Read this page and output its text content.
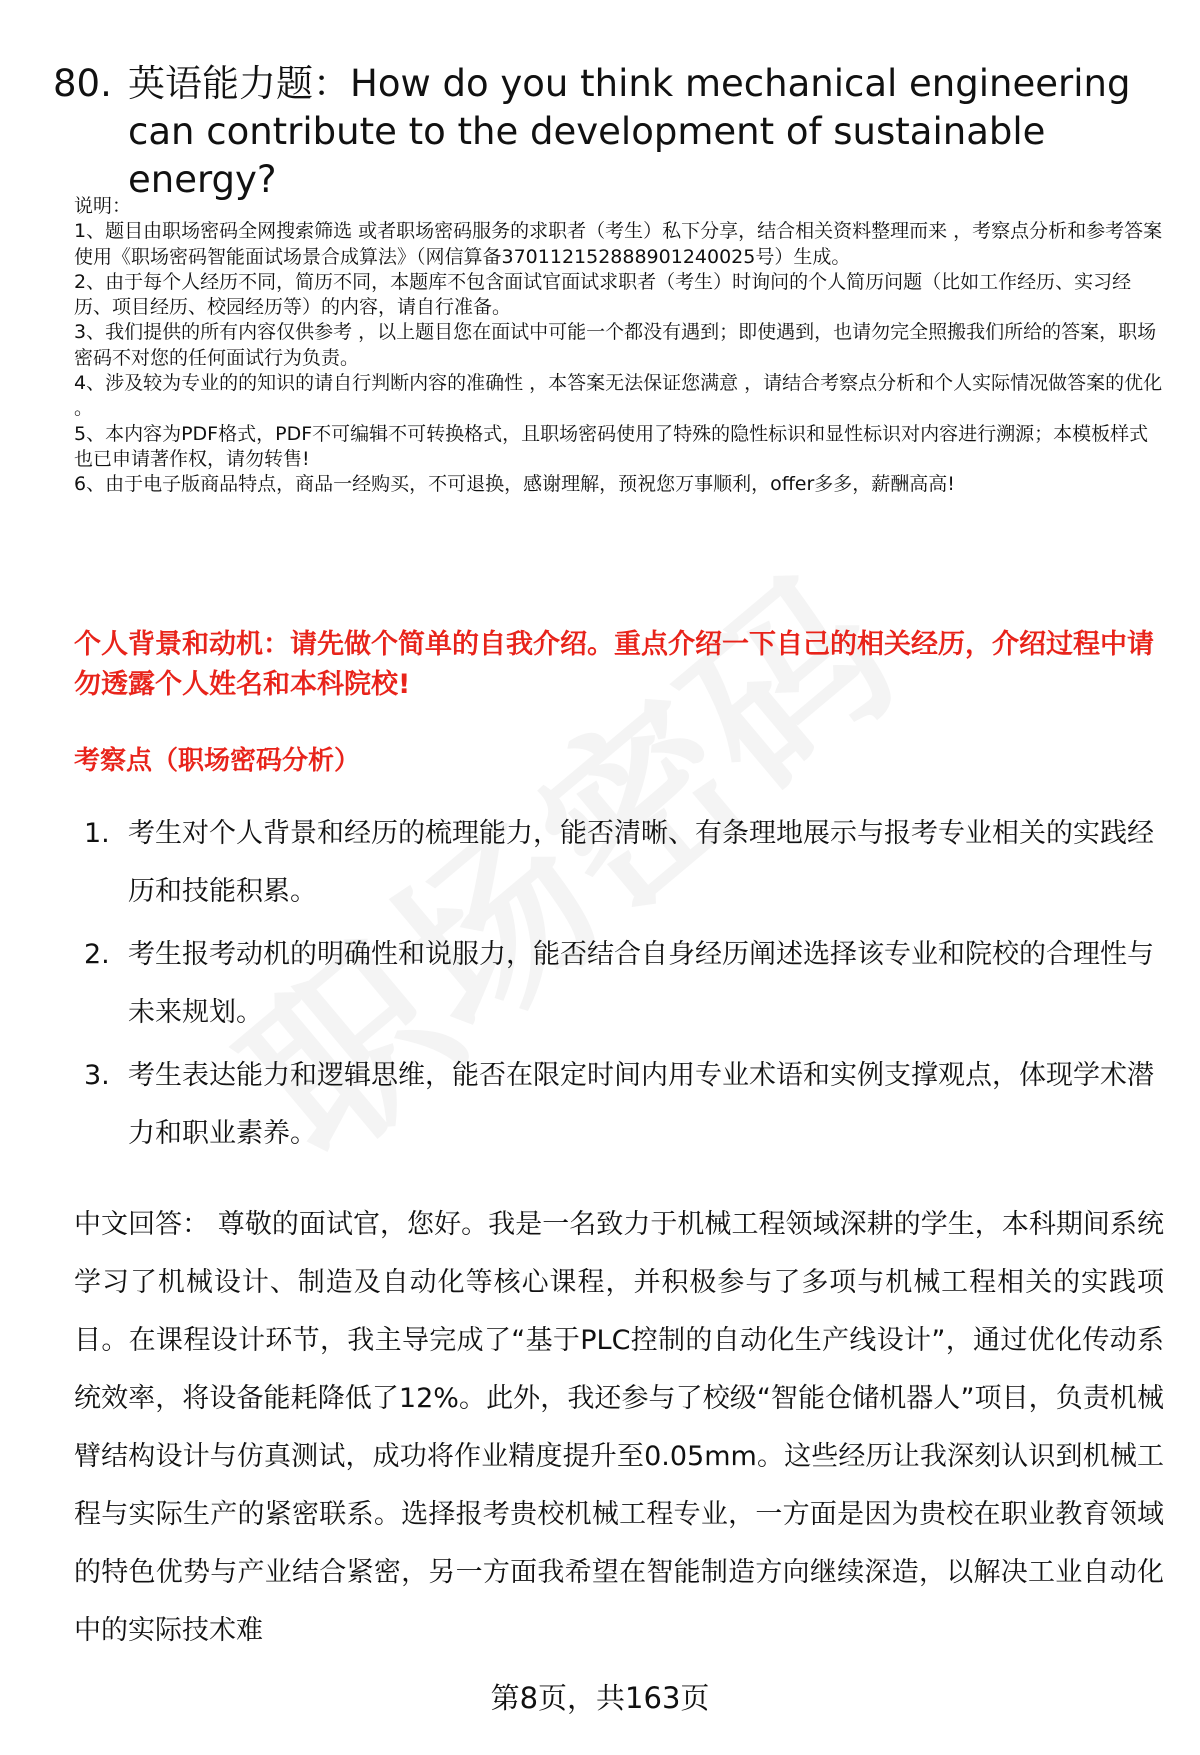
80. 英语能力题：How do you think mechanical engineering can contribute to the development of sustainable energy?
说明：
1、题目由职场密码全网搜索筛选 或者职场密码服务的求职者（考生）私下分享，结合相关资料整理而来 ，考察点分析和参考答案使用《职场密码智能面试场景合成算法》（网信算备370112152888901240025号）生成。
2、由于每个人经历不同，简历不同，本题库不包含面试官面试求职者（考生）时询问的个人简历问题（比如工作经历、实习经历、项目经历、校园经历等）的内容，请自行准备。
3、我们提供的所有内容仅供参考 ，以上题目您在面试中可能一个都没有遇到；即使遇到，也请勿完全照搬我们所给的答案，职场密码不对您的任何面试行为负责。
4、涉及较为专业的的知识的请自行判断内容的准确性 ，本答案无法保证您满意 ，请结合考察点分析和个人实际情况做答案的优化 。
5、本内容为PDF格式，PDF不可编辑不可转换格式，且职场密码使用了特殊的隐性标识和显性标识对内容进行溯源；本模板样式也已申请著作权，请勿转售!
6、由于电子版商品特点，商品一经购买，不可退换，感谢理解，预祝您万事顺利，offer多多，薪酬高高!
个人背景和动机：请先做个简单的自我介绍。重点介绍一下自己的相关经历，介绍过程中请勿透露个人姓名和本科院校!
考察点（职场密码分析）
1. 考生对个人背景和经历的梳理能力，能否清晰、有条理地展示与报考专业相关的实践经历和技能积累。
2. 考生报考动机的明确性和说服力，能否结合自身经历阐述选择该专业和院校的合理性与未来规划。
3. 考生表达能力和逻辑思维，能否在限定时间内用专业术语和实例支撑观点，体现学术潜力和职业素养。
中文回答： 尊敬的面试官，您好。我是一名致力于机械工程领域深耕的学生，本科期间系统学习了机械设计、制造及自动化等核心课程，并积极参与了多项与机械工程相关的实践项目。在课程设计环节，我主导完成了“基于PLC控制的自动化生产线设计”，通过优化传动系统效率，将设备能耗降低了12%。此外，我还参与了校级“智能仓储机器人”项目，负责机械臂结构设计与仿真测试，成功将作业精度提升至0.05mm。这些经历让我深刻认识到机械工程与实际生产的紧密联系。选择报考贵校机械工程专业，一方面是因为贵校在职业教育领域的特色优势与产业结合紧密，另一方面我希望在智能制造方向继续深造，以解决工业自动化中的实际技术难
第8页，共163页
